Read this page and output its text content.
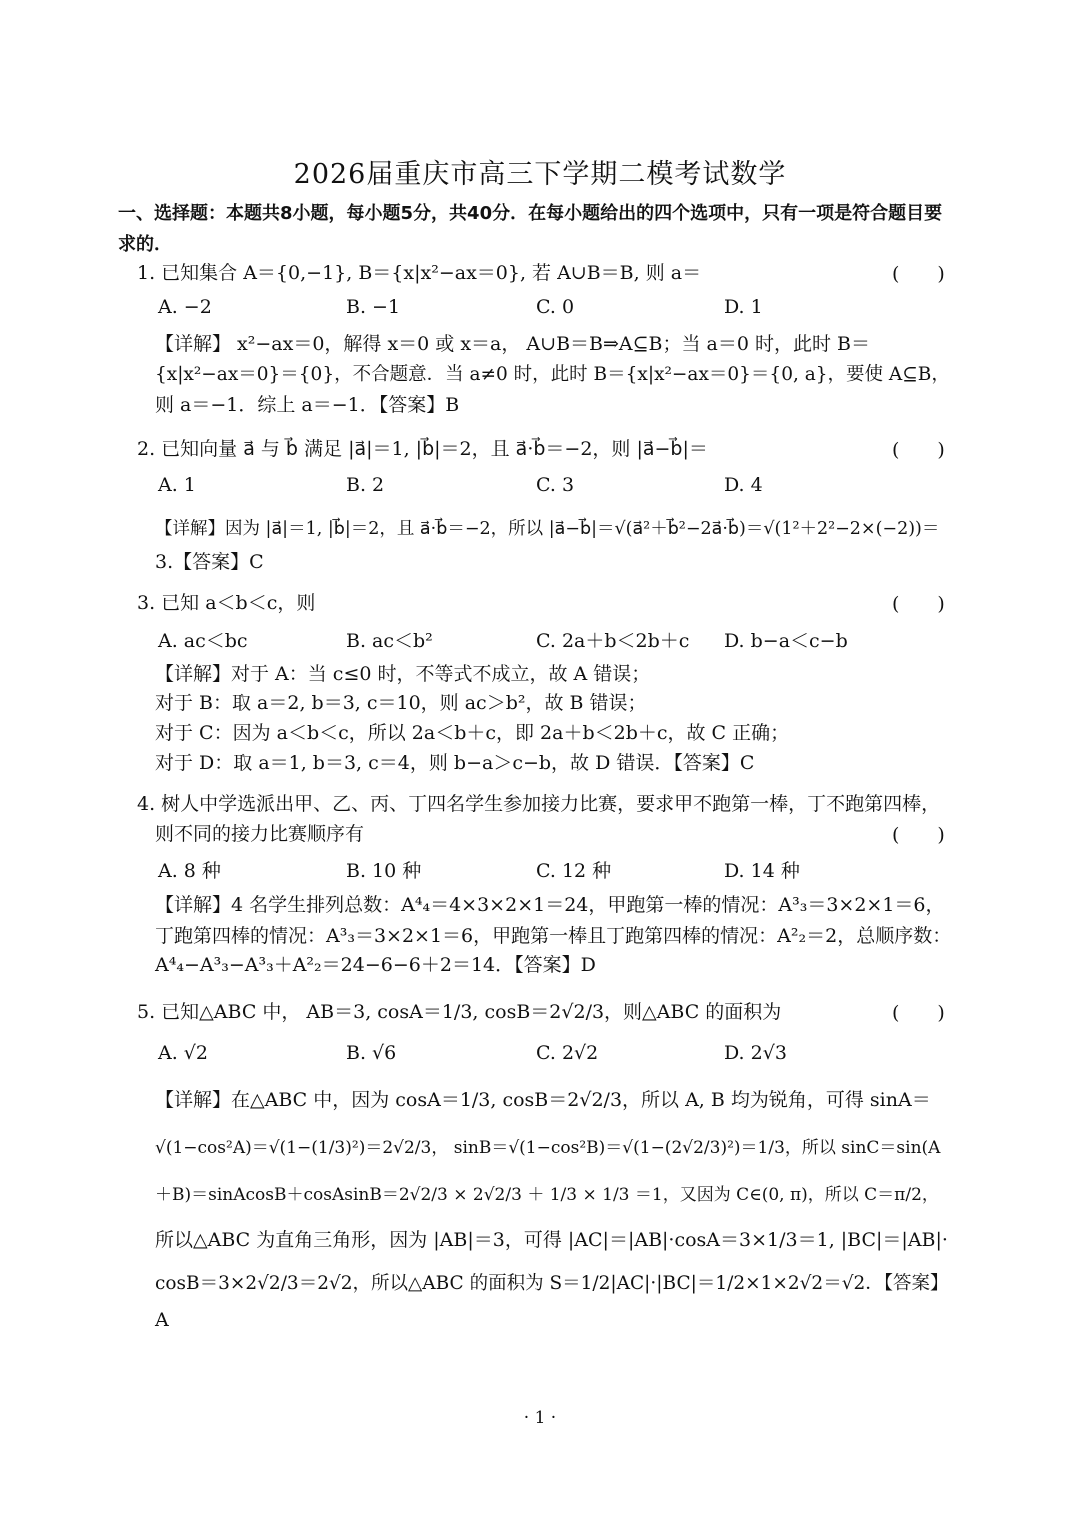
2026届重庆市高三下学期二模考试数学
一、选择题：本题共8小题，每小题5分，共40分．在每小题给出的四个选项中，只有一项是符合题目要求的．
1. 已知集合 A＝{0,−1}, B＝{x|x²−ax＝0}, 若 A∪B＝B, 则 a＝	(　　)
A. −2	B. −1	C. 0	D. 1
【详解】 x²−ax＝0，解得 x＝0 或 x＝a， A∪B＝B⇒A⊆B；当 a＝0 时，此时 B＝
{x|x²−ax＝0}＝{0}，不合题意．当 a≠0 时，此时 B＝{x|x²−ax＝0}＝{0, a}，要使 A⊆B，
则 a＝−1．综上 a＝−1．【答案】B
2. 已知向量 a⃗ 与 b⃗ 满足 |a⃗|＝1, |b⃗|＝2，且 a⃗·b⃗＝−2，则 |a⃗−b⃗|＝	(　　)
A. 1	B. 2	C. 3	D. 4
【详解】因为 |a⃗|＝1, |b⃗|＝2，且 a⃗·b⃗＝−2，所以 |a⃗−b⃗|＝√(a⃗²＋b⃗²−2a⃗·b⃗)＝√(1²＋2²−2×(−2))＝
3.【答案】C
3. 已知 a＜b＜c，则	(　　)
A. ac＜bc	B. ac＜b²	C. 2a＋b＜2b＋c D. b−a＜c−b
【详解】对于 A：当 c≤0 时，不等式不成立，故 A 错误；
对于 B：取 a＝2, b＝3, c＝10，则 ac＞b²，故 B 错误；
对于 C：因为 a＜b＜c，所以 2a＜b＋c，即 2a＋b＜2b＋c，故 C 正确；
对于 D：取 a＝1, b＝3, c＝4，则 b−a＞c−b，故 D 错误．【答案】C
4. 树人中学选派出甲、乙、丙、丁四名学生参加接力比赛，要求甲不跑第一棒，丁不跑第四棒，
则不同的接力比赛顺序有	(　　)
A. 8 种	B. 10 种	C. 12 种	D. 14 种
【详解】4 名学生排列总数：A⁴₄＝4×3×2×1＝24，甲跑第一棒的情况：A³₃＝3×2×1＝6，
丁跑第四棒的情况：A³₃＝3×2×1＝6，甲跑第一棒且丁跑第四棒的情况：A²₂＝2，总顺序数：
A⁴₄−A³₃−A³₃＋A²₂＝24−6−6＋2＝14．【答案】D
5. 已知△ABC 中， AB＝3, cosA＝1/3, cosB＝2√2/3，则△ABC 的面积为	(　　)
A. √2	B. √6	C. 2√2	D. 2√3
【详解】在△ABC 中，因为 cosA＝1/3, cosB＝2√2/3，所以 A, B 均为锐角，可得 sinA＝
√(1−cos²A)＝√(1−(1/3)²)＝2√2/3， sinB＝√(1−cos²B)＝√(1−(2√2/3)²)＝1/3，所以 sinC＝sin(A
＋B)＝sinAcosB＋cosAsinB＝2√2/3 × 2√2/3 ＋ 1/3 × 1/3 ＝1，又因为 C∈(0, π)，所以 C＝π/2，
所以△ABC 为直角三角形，因为 |AB|＝3，可得 |AC|＝|AB|·cosA＝3×1/3＝1, |BC|＝|AB|·
cosB＝3×2√2/3＝2√2，所以△ABC 的面积为 S＝1/2|AC|·|BC|＝1/2×1×2√2＝√2．【答案】
A
· 1 ·
